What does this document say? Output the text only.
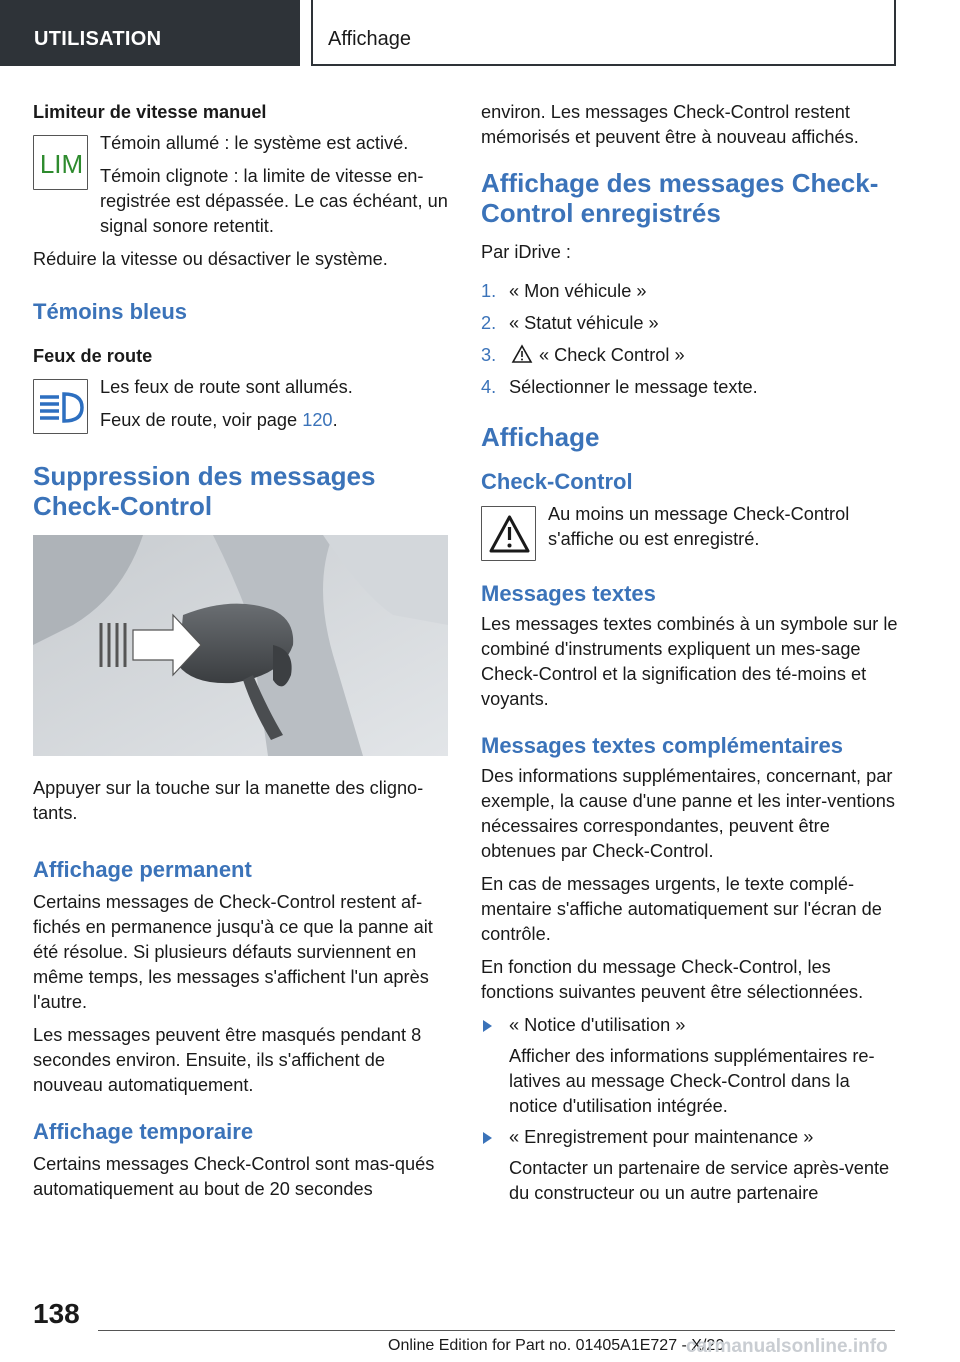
UTILISATION	Affichage
Limiteur de vitesse manuel
LIM

Témoin allumé : le système est activé.

Témoin clignote : la limite de vitesse en-registrée est dépassée. Le cas échéant, un signal sonore retentit.

Réduire la vitesse ou désactiver le système.

Témoins bleus
Feux de route

Les feux de route sont allumés.

Feux de route, voir page 120.

Suppression des messages Check-Control

Appuyer sur la touche sur la manette des cligno-tants.

Affichage permanent

Certains messages de Check-Control restent af-fichés en permanence jusqu'à ce que la panne ait été résolue. Si plusieurs défauts surviennent en même temps, les messages s'affichent l'un après l'autre.

Les messages peuvent être masqués pendant 8 secondes environ. Ensuite, ils s'affichent de nouveau automatiquement.

Affichage temporaire

Certains messages Check-Control sont mas-qués automatiquement au bout de 20 secondes

environ. Les messages Check-Control restent mémorisés et peuvent être à nouveau affichés.

Affichage des messages Check-Control enregistrés

Par iDrive :

1. « Mon véhicule »
2. « Statut véhicule »
3. « Check Control »
4. Sélectionner le message texte.
Affichage
Check-Control

Au moins un message Check-Control s'affiche ou est enregistré.

Messages textes

Les messages textes combinés à un symbole sur le combiné d'instruments expliquent un mes-sage Check-Control et la signification des té-moins et voyants.

Messages textes complémentaires

Des informations supplémentaires, concernant, par exemple, la cause d'une panne et les inter-ventions nécessaires correspondantes, peuvent être obtenues par Check-Control.

En cas de messages urgents, le texte complé-mentaire s'affiche automatiquement sur l'écran de contrôle.

En fonction du message Check-Control, les fonctions suivantes peuvent être sélectionnées.

« Notice d'utilisation »

Afficher des informations supplémentaires re-latives au message Check-Control dans la notice d'utilisation intégrée.

« Enregistrement pour maintenance »

Contacter un partenaire de service après-vente du constructeur ou un autre partenaire

138
Online Edition for Part no. 01405A1E727 - X/20
carmanualsonline.info
